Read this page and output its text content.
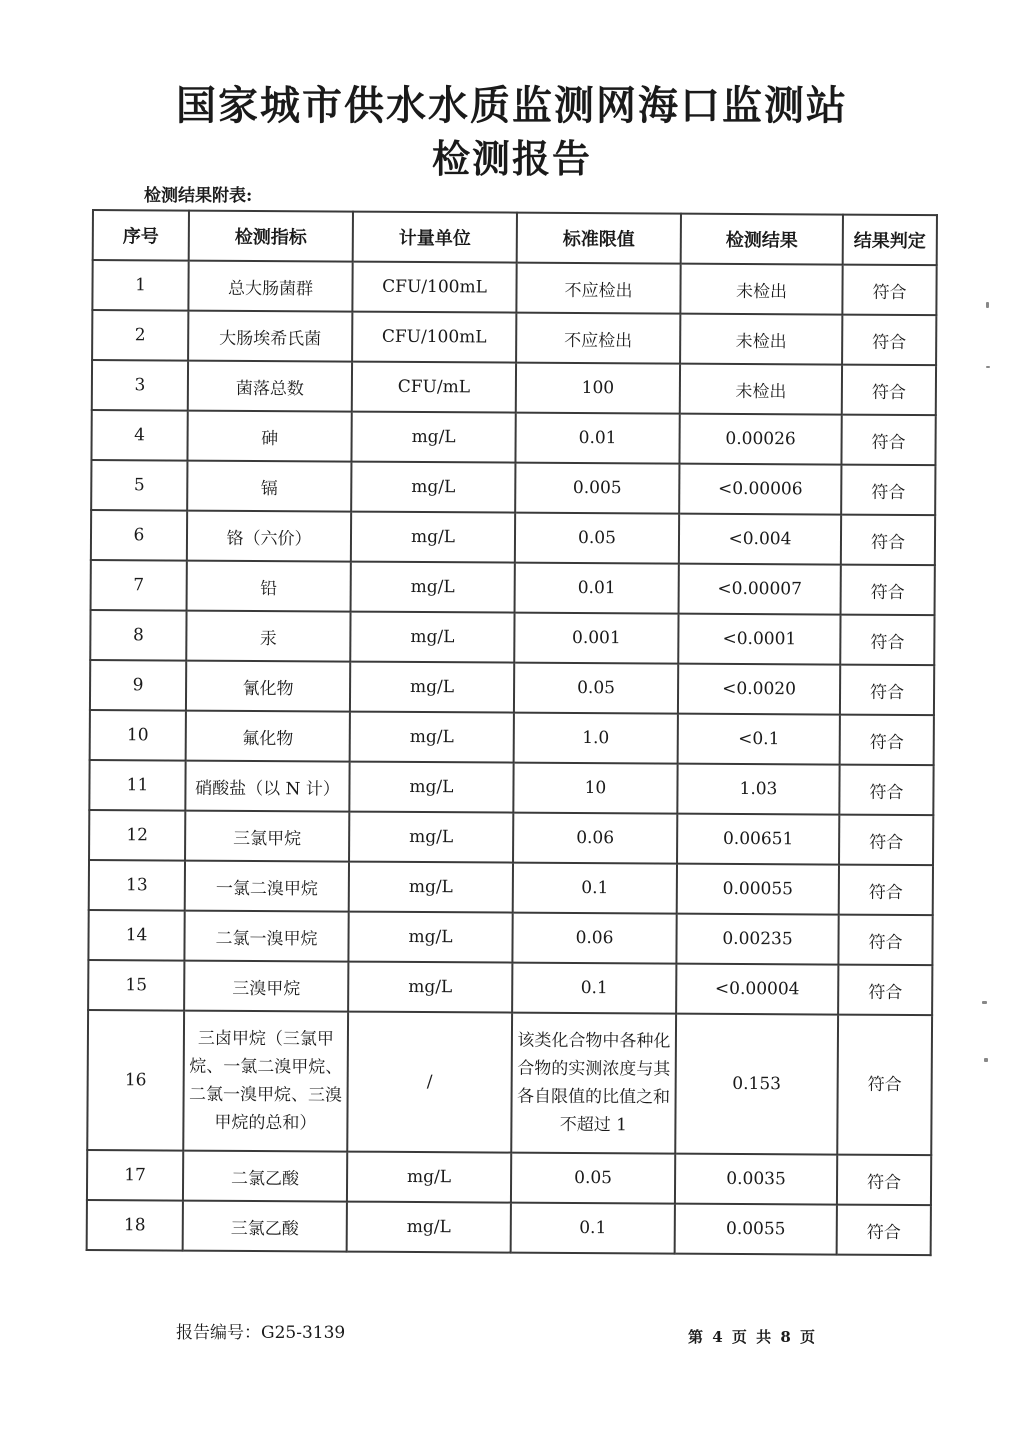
国家城市供水水质监测网海口监测站
检测报告
检测结果附表:
序号	检测指标	计量单位	标准限值	检测结果	结果判定
1	总大肠菌群	CFU/100mL	不应检出	未检出	符合
2	大肠埃希氏菌	CFU/100mL	不应检出	未检出	符合
3	菌落总数	CFU/mL	100	未检出	符合
4	砷	mg/L	0.01	0.00026	符合
5	镉	mg/L	0.005	<0.00006	符合
6	铬（六价）	mg/L	0.05	<0.004	符合
7	铅	mg/L	0.01	<0.00007	符合
8	汞	mg/L	0.001	<0.0001	符合
9	氰化物	mg/L	0.05	<0.0020	符合
10	氟化物	mg/L	1.0	<0.1	符合
11	硝酸盐（以 N 计）	mg/L	10	1.03	符合
12	三氯甲烷	mg/L	0.06	0.00651	符合
13	一氯二溴甲烷	mg/L	0.1	0.00055	符合
14	二氯一溴甲烷	mg/L	0.06	0.00235	符合
15	三溴甲烷	mg/L	0.1	<0.00004	符合
16	三卤甲烷（三氯甲烷、一氯二溴甲烷、二氯一溴甲烷、三溴甲烷的总和）	/	该类化合物中各种化合物的实测浓度与其各自限值的比值之和不超过 1	0.153	符合
17	二氯乙酸	mg/L	0.05	0.0035	符合
18	三氯乙酸	mg/L	0.1	0.0055	符合
报告编号：G25-3139	第 4 页 共 8 页
